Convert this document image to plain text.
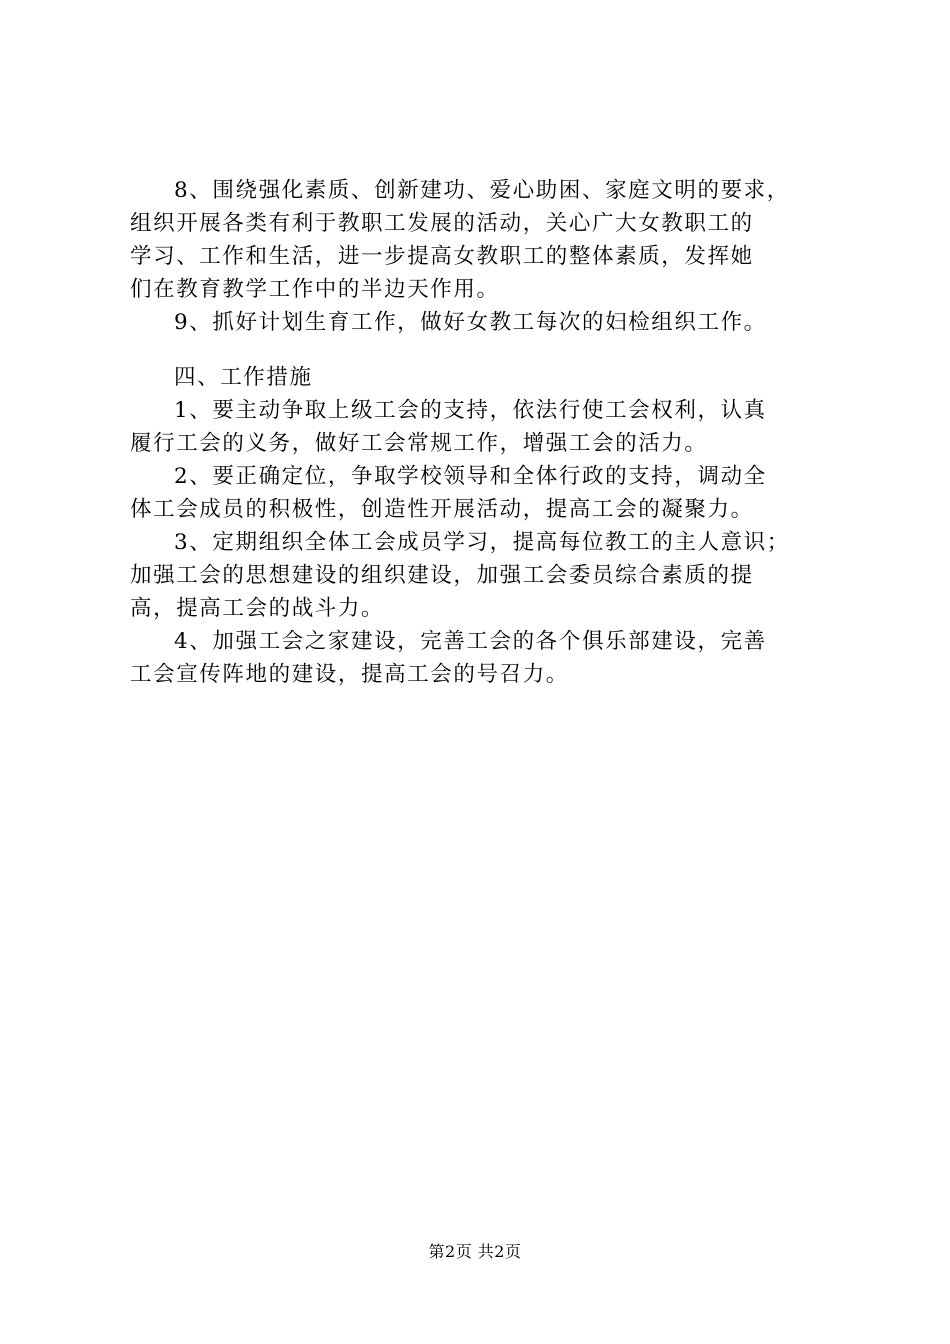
8、围绕强化素质、创新建功、爱心助困、家庭文明的要求，
组织开展各类有利于教职工发展的活动，关心广大女教职工的
学习、工作和生活，进一步提高女教职工的整体素质，发挥她
们在教育教学工作中的半边天作用。
9、抓好计划生育工作，做好女教工每次的妇检组织工作。
四、工作措施
1、要主动争取上级工会的支持，依法行使工会权利，认真
履行工会的义务，做好工会常规工作，增强工会的活力。
2、要正确定位，争取学校领导和全体行政的支持，调动全
体工会成员的积极性，创造性开展活动，提高工会的凝聚力。
3、定期组织全体工会成员学习，提高每位教工的主人意识；
加强工会的思想建设的组织建设，加强工会委员综合素质的提
高，提高工会的战斗力。
4、加强工会之家建设，完善工会的各个俱乐部建设，完善
工会宣传阵地的建设，提高工会的号召力。
第2页 共2页
